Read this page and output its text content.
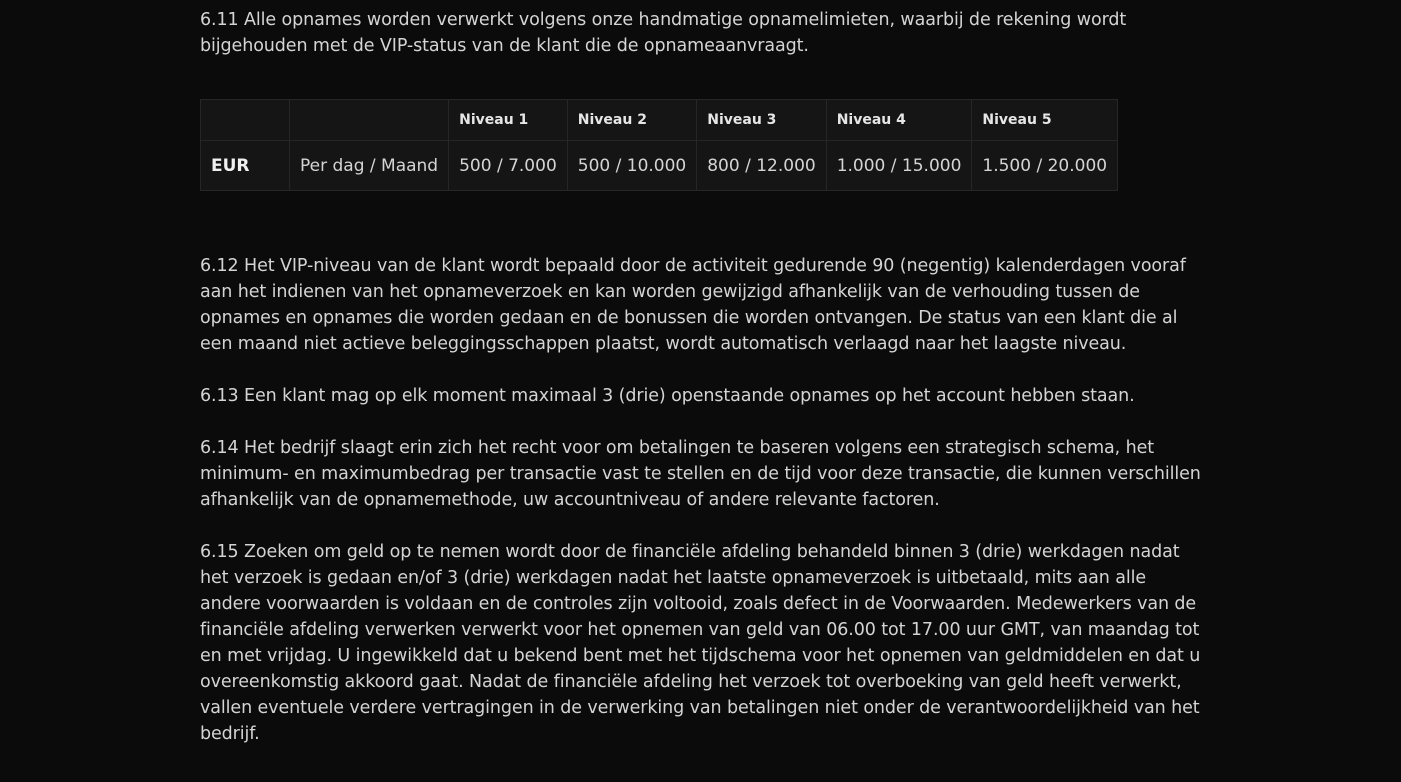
6.11 Alle opnames worden verwerkt volgens onze handmatige opnamelimieten, waarbij de rekening wordt bijgehouden met de VIP-status van de klant die de opnameaanvraagt.

		Niveau 1	Niveau 2	Niveau 3	Niveau 4	Niveau 5
EUR	Per dag / Maand	500 / 7.000	500 / 10.000	800 / 12.000	1.000 / 15.000	1.500 / 20.000

6.12 Het VIP-niveau van de klant wordt bepaald door de activiteit gedurende 90 (negentig) kalenderdagen vooraf aan het indienen van het opnameverzoek en kan worden gewijzigd afhankelijk van de verhouding tussen de opnames en opnames die worden gedaan en de bonussen die worden ontvangen. De status van een klant die al een maand niet actieve beleggingsschappen plaatst, wordt automatisch verlaagd naar het laagste niveau.

6.13 Een klant mag op elk moment maximaal 3 (drie) openstaande opnames op het account hebben staan.

6.14 Het bedrijf slaagt erin zich het recht voor om betalingen te baseren volgens een strategisch schema, het minimum- en maximumbedrag per transactie vast te stellen en de tijd voor deze transactie, die kunnen verschillen afhankelijk van de opnamemethode, uw accountniveau of andere relevante factoren.

6.15 Zoeken om geld op te nemen wordt door de financiële afdeling behandeld binnen 3 (drie) werkdagen nadat het verzoek is gedaan en/of 3 (drie) werkdagen nadat het laatste opnameverzoek is uitbetaald, mits aan alle andere voorwaarden is voldaan en de controles zijn voltooid, zoals defect in de Voorwaarden. Medewerkers van de financiële afdeling verwerken verwerkt voor het opnemen van geld van 06.00 tot 17.00 uur GMT, van maandag tot en met vrijdag. U ingewikkeld dat u bekend bent met het tijdschema voor het opnemen van geldmiddelen en dat u overeenkomstig akkoord gaat. Nadat de financiële afdeling het verzoek tot overboeking van geld heeft verwerkt, vallen eventuele verdere vertragingen in de verwerking van betalingen niet onder de verantwoordelijkheid van het bedrijf.
